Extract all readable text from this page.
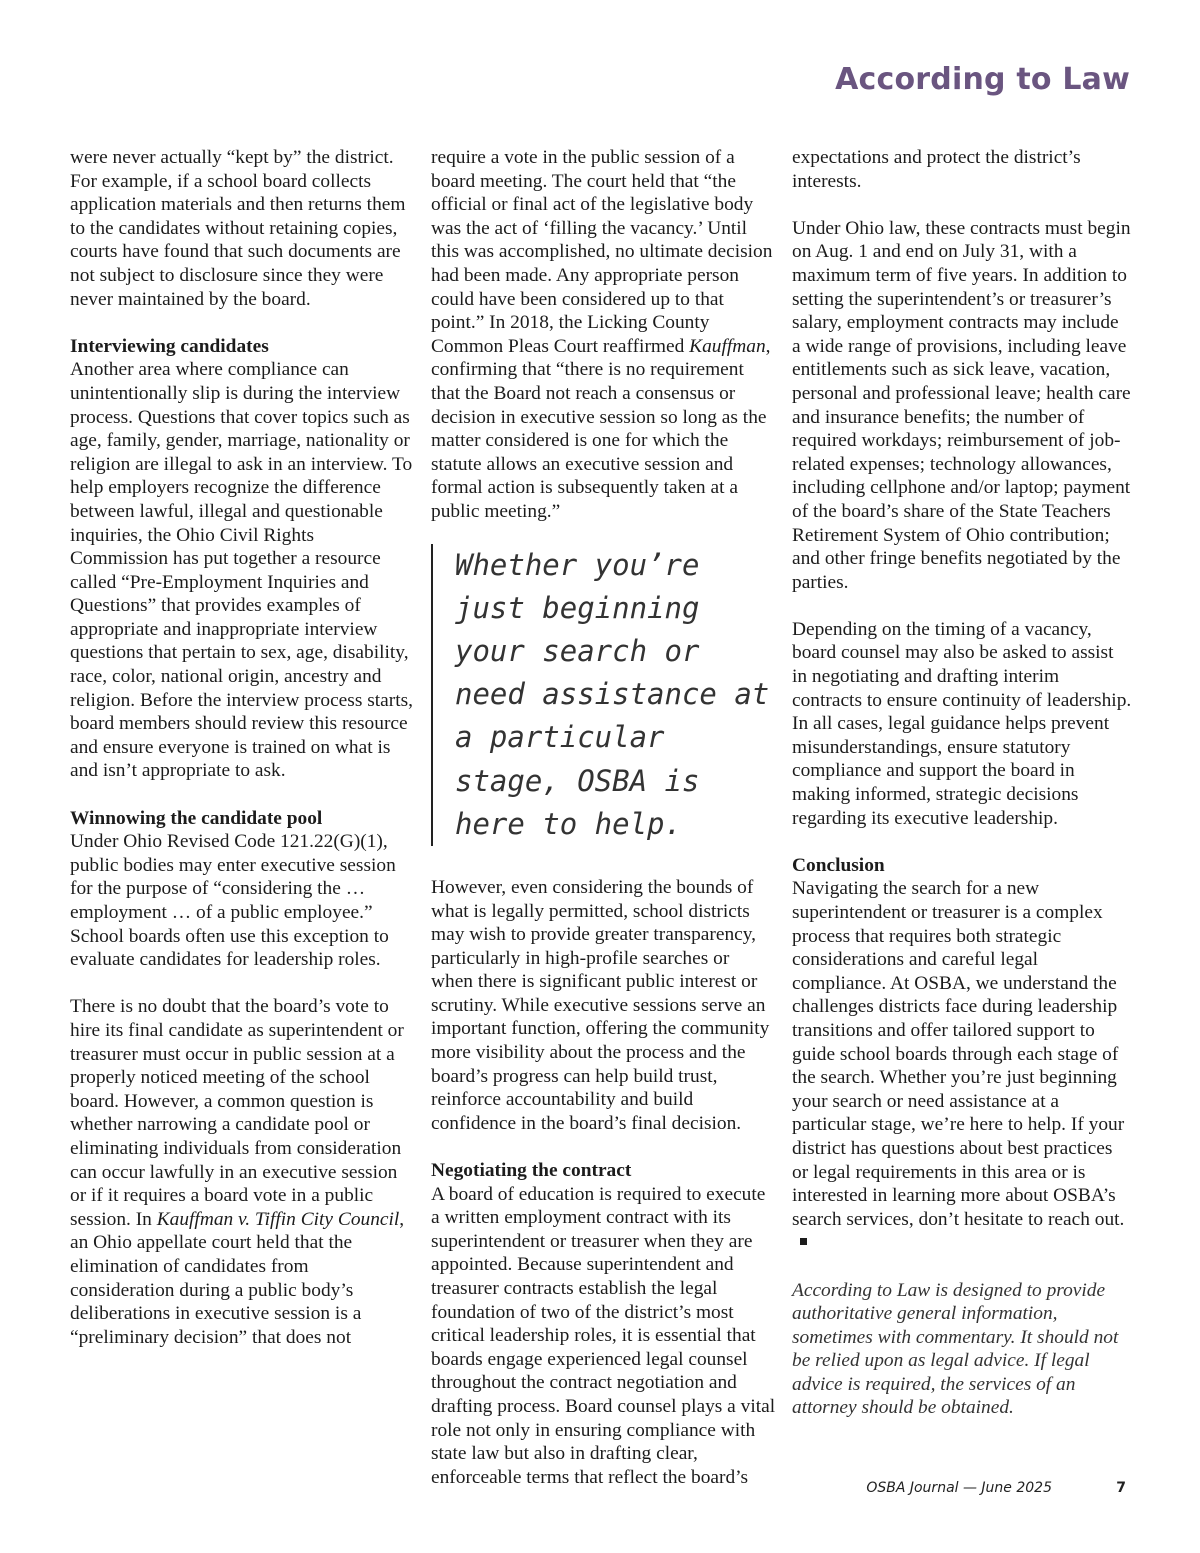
According to Law

were never actually “kept by” the district. For example, if a school board collects application materials and then returns them to the candidates without retaining copies, courts have found that such documents are not subject to disclosure since they were never maintained by the board.

Interviewing candidates
Another area where compliance can unintentionally slip is during the interview process. Questions that cover topics such as age, family, gender, marriage, nationality or religion are illegal to ask in an interview. To help employers recognize the difference between lawful, illegal and questionable inquiries, the Ohio Civil Rights Commission has put together a resource called “Pre-Employment Inquiries and Questions” that provides examples of appropriate and inappropriate interview questions that pertain to sex, age, disability, race, color, national origin, ancestry and religion. Before the interview process starts, board members should review this resource and ensure everyone is trained on what is and isn’t appropriate to ask.

Winnowing the candidate pool
Under Ohio Revised Code 121.22(G)(1), public bodies may enter executive session for the purpose of “considering the … employment … of a public employee.” School boards often use this exception to evaluate candidates for leadership roles.

There is no doubt that the board’s vote to hire its final candidate as superintendent or treasurer must occur in public session at a properly noticed meeting of the school board. However, a common question is whether narrowing a candidate pool or eliminating individuals from consideration can occur lawfully in an executive session or if it requires a board vote in a public session. In Kauffman v. Tiffin City Council, an Ohio appellate court held that the elimination of candidates from consideration during a public body’s deliberations in executive session is a “preliminary decision” that does not

require a vote in the public session of a board meeting. The court held that “the official or final act of the legislative body was the act of ‘filling the vacancy.’ Until this was accomplished, no ultimate decision had been made. Any appropriate person could have been considered up to that point.” In 2018, the Licking County Common Pleas Court reaffirmed Kauffman, confirming that “there is no requirement that the Board not reach a consensus or decision in executive session so long as the matter considered is one for which the statute allows an executive session and formal action is subsequently taken at a public meeting.”

Whether you’re just beginning your search or need assistance at a particular stage, OSBA is here to help.

However, even considering the bounds of what is legally permitted, school districts may wish to provide greater transparency, particularly in high-profile searches or when there is significant public interest or scrutiny. While executive sessions serve an important function, offering the community more visibility about the process and the board’s progress can help build trust, reinforce accountability and build confidence in the board’s final decision.

Negotiating the contract
A board of education is required to execute a written employment contract with its superintendent or treasurer when they are appointed. Because superintendent and treasurer contracts establish the legal foundation of two of the district’s most critical leadership roles, it is essential that boards engage experienced legal counsel throughout the contract negotiation and drafting process. Board counsel plays a vital role not only in ensuring compliance with state law but also in drafting clear, enforceable terms that reflect the board’s

expectations and protect the district’s interests.

Under Ohio law, these contracts must begin on Aug. 1 and end on July 31, with a maximum term of five years. In addition to setting the superintendent’s or treasurer’s salary, employment contracts may include a wide range of provisions, including leave entitlements such as sick leave, vacation, personal and professional leave; health care and insurance benefits; the number of required workdays; reimbursement of job-related expenses; technology allowances, including cellphone and/or laptop; payment of the board’s share of the State Teachers Retirement System of Ohio contribution; and other fringe benefits negotiated by the parties.

Depending on the timing of a vacancy, board counsel may also be asked to assist in negotiating and drafting interim contracts to ensure continuity of leadership. In all cases, legal guidance helps prevent misunderstandings, ensure statutory compliance and support the board in making informed, strategic decisions regarding its executive leadership.

Conclusion
Navigating the search for a new superintendent or treasurer is a complex process that requires both strategic considerations and careful legal compliance. At OSBA, we understand the challenges districts face during leadership transitions and offer tailored support to guide school boards through each stage of the search. Whether you’re just beginning your search or need assistance at a particular stage, we’re here to help. If your district has questions about best practices or legal requirements in this area or is interested in learning more about OSBA’s search services, don’t hesitate to reach out.

According to Law is designed to provide authoritative general information, sometimes with commentary. It should not be relied upon as legal advice. If legal advice is required, the services of an attorney should be obtained.

OSBA Journal — June 2025	7
